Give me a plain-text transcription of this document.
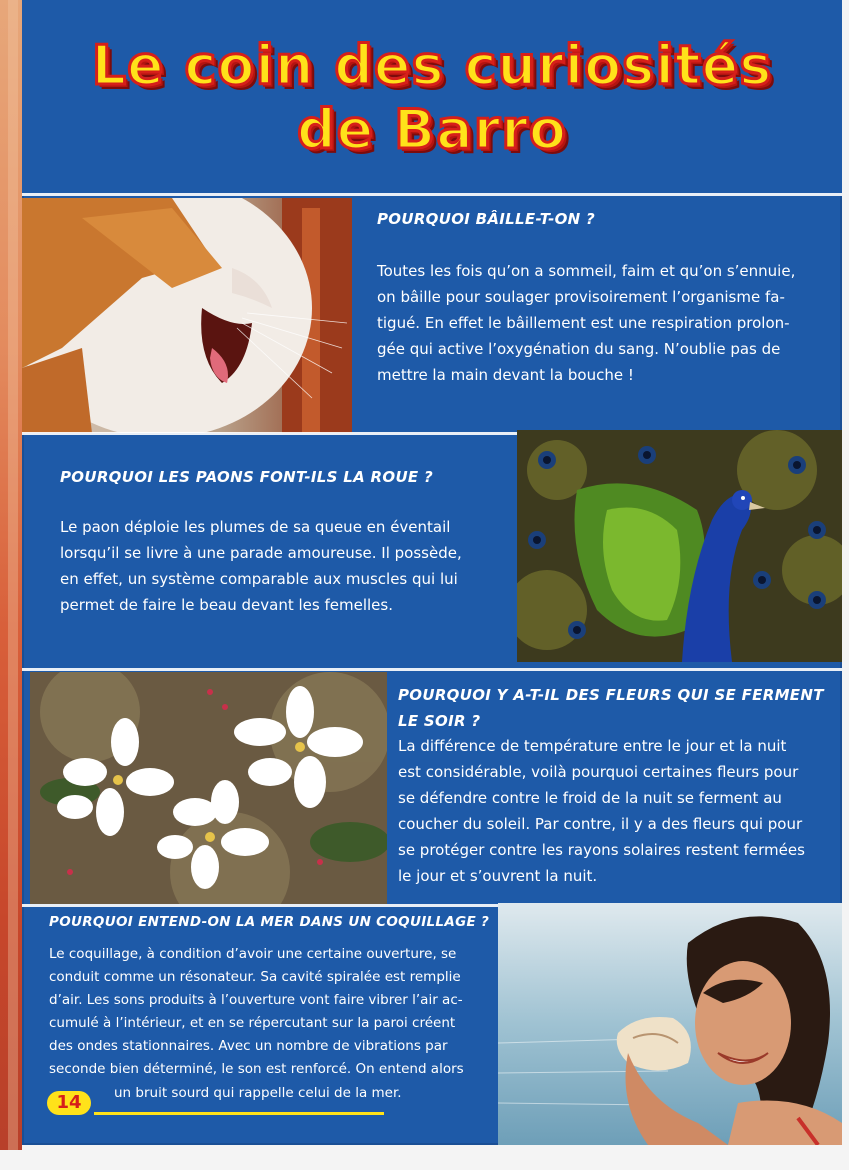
Le coin des curiosités
de Barro
POURQUOI BÂILLE-T-ON ?
Toutes les fois qu’on a sommeil, faim et qu’on s’ennuie,
on bâille pour soulager provisoirement l’organisme fa-
tigué. En effet le bâillement est une respiration prolon-
gée qui active l’oxygénation du sang. N’oublie pas de
mettre la main devant la bouche !
POURQUOI LES PAONS FONT-ILS LA ROUE ?
Le paon déploie les plumes de sa queue en éventail
lorsqu’il se livre à une parade amoureuse. Il possède,
en effet, un système comparable aux muscles qui lui
permet de faire le beau devant les femelles.
POURQUOI Y A-T-IL DES FLEURS QUI SE FERMENT
LE SOIR ?
La différence de température entre le jour et la nuit
est considérable, voilà pourquoi certaines fleurs pour
se défendre contre le froid de la nuit se ferment au
coucher du soleil. Par contre, il y a des fleurs qui pour
se protéger contre les rayons solaires restent fermées
le jour et s’ouvrent la nuit.
POURQUOI ENTEND-ON LA MER DANS UN COQUILLAGE ?
Le coquillage, à condition d’avoir une certaine ouverture, se
conduit comme un résonateur. Sa cavité spiralée est remplie
d’air. Les sons produits à l’ouverture vont faire vibrer l’air ac-
cumulé à l’intérieur, et en se répercutant sur la paroi créent
des ondes stationnaires. Avec un nombre de vibrations par
seconde bien déterminé, le son est renforcé. On entend alors
un bruit sourd qui rappelle celui de la mer.
14
